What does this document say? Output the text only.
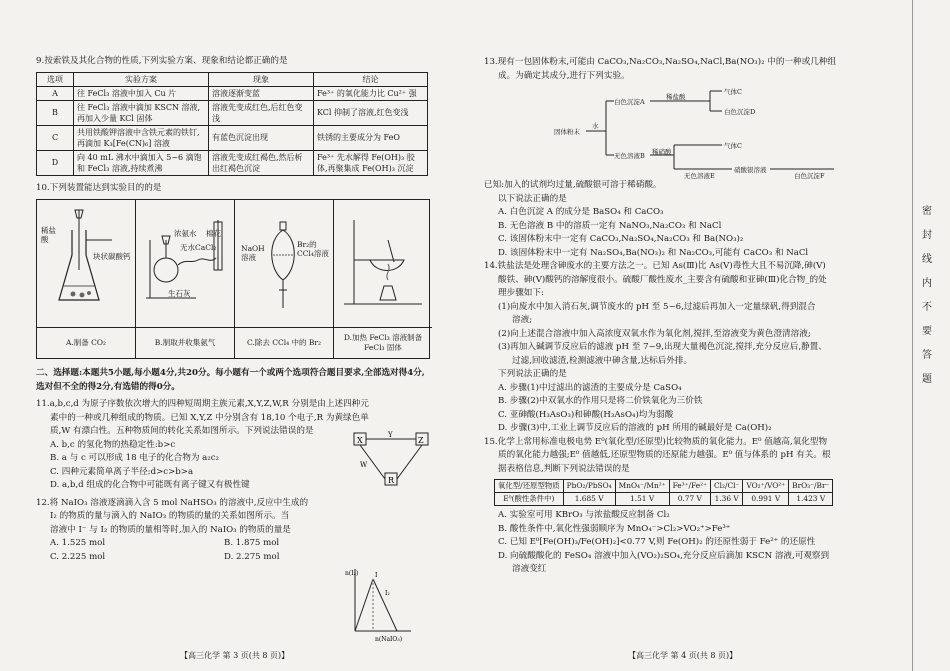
9.按索铁及其化合物的性质,下列实验方案、现象和结论都正确的是

选项	实验方案	现象	结论
A	往 FeCl₃ 溶液中加入 Cu 片	溶液逐渐变蓝	Fe³⁺ 的氧化能力比 Cu²⁺ 强
B	往 FeCl₃ 溶液中滴加 KSCN 溶液,再加入少量 KCl 固体	溶液先变成红色,后红色变浅	KCl 抑制了溶液,红色变浅
C	共用铁酸钾溶液中含铁元素的铁钉,再滴加 K₃[Fe(CN)₆] 溶液	有蓝色沉淀出现	铁锈的主要成分为 FeO
D	向 40 mL 沸水中滴加入 5~6 滴饱和 FeCl₃ 溶液,持续煮沸	溶液先变成红褐色,然后析出红褐色沉淀	Fe³⁺ 先水解得 Fe(OH)₃ 胶体,再聚集成 Fe(OH)₃ 沉淀

10.下列装置能达到实验目的的是

稀盐酸
块状碳酸钙
A.制备 CO₂
浓氨水 棉花
无水CaCl₂
生石灰
B.制取并收集氨气
NaOH溶液
Br₂的CCl₄溶液
C.除去 CCl₄ 中的 Br₂
D.加热 FeCl₃ 溶液制备 FeCl₃ 固体

二、选择题:本题共5小题,每小题4分,共20分。每小题有一个或两个选项符合题目要求,全部选对得4分,选对但不全的得2分,有选错的得0分。

11.a,b,c,d 为原子序数依次增大的四种短周期主族元素,X,Y,Z,W,R 分别是由上述四种元

素中的一种或几种组成的物质。已知 X,Y,Z 中分别含有 18,10 个电子,R 为黄绿色单

质,W 有漂白性。五种物质间的转化关系如图所示。下列说法错误的是

A. b,c 的氢化物的热稳定性:b>c

B. a 与 c 可以形成 18 电子的化合物为 a₂c₂

C. 四种元素简单离子半径:d>c>b>a

D. a,b,d 组成的化合物中可能既有离子键又有极性键

X	Z
R
Y
W

12.将 NaIO₃ 溶液逐滴滴入含 5 mol NaHSO₃ 的溶液中,反应中生成的

I₂ 的物质的量与滴入的 NaIO₃ 的物质的量的关系如图所示。当

溶液中 I⁻ 与 I₂ 的物质的量相等时,加入的 NaIO₃ 的物质的量是

A. 1.525 mol	B. 1.875 mol

C. 2.225 mol	D. 2.275 mol

n(I₂)
n(NaIO₃)
I
I₂
【高三化学 第 3 页(共 8 页)】

13.现有一包固体粉末,可能由 CaCO₃,Na₂CO₃,Na₂SO₄,NaCl,Ba(NO₃)₂ 中的一种或几种组

成。为确定其成分,进行下列实验。

固体粉末
水
白色沉淀A
稀盐酸
气体C
白色沉淀D
无色溶液B 稀硝酸
气体C
无色溶液E
硝酸银溶液
白色沉淀F

已知:加入的试剂均过量,硫酸银可溶于稀硝酸。

以下说法正确的是

A. 白色沉淀 A 的成分是 BaSO₄ 和 CaCO₃

B. 无色溶液 B 中的溶质一定有 NaNO₃,Na₂CO₃ 和 NaCl

C. 该固体粉末中一定有 CaCO₃,Na₂SO₄,Na₂CO₃ 和 Ba(NO₃)₂

D. 该固体粉末中一定有 Na₂SO₄,Ba(NO₃)₂ 和 Na₂CO₃,可能有 CaCO₃ 和 NaCl

14.铁盐法是处理含砷废水的主要方法之一。已知 As(Ⅲ)比 As(Ⅴ)毒性大且不易沉降,砷(Ⅴ)

酸铁、砷(Ⅴ)酸钙的溶解度很小。硫酸厂酸性废水_主要含有硫酸和亚砷(Ⅲ)化合物_的处

理步骤如下:

(1)向废水中加入消石灰,调节废水的 pH 至 5~6,过滤后再加入一定量绿矾,得到混合

溶液;

(2)向上述混合溶液中加入高浓度双氧水作为氧化剂,搅拌,至溶液变为黄色澄清溶液;

(3)再加入碱调节反应后的滤液 pH 至 7~9,出现大量褐色沉淀,搅拌,充分反应后,静置、

过滤,回收滤渣,检测滤液中砷含量,达标后外排。

下列说法正确的是

A. 步骤(1)中过滤出的滤渣的主要成分是 CaSO₄

B. 步骤(2)中双氧水的作用只是将二价铁氧化为三价铁

C. 亚砷酸(H₃AsO₃)和砷酸(H₃AsO₄)均为弱酸

D. 步骤(3)中,工业上调节反应后的溶液的 pH 所用的碱最好是 Ca(OH)₂

15.化学上常用标准电极电势 E⁰(氧化型/还原型)比较物质的氧化能力。E⁰ 值越高,氧化型物

质的氧化能力越强;E⁰ 值越低,还原型物质的还原能力越强。E⁰ 值与体系的 pH 有关。根

据表格信息,判断下列说法错误的是

氧化型/还原型物质	PbO₂/PbSO₄	MnO₄⁻/Mn²⁺	Fe³⁺/Fe²⁺	Cl₂/Cl⁻	VO₂⁺/VO²⁺	BrO₃⁻/Br⁻
E⁰(酸性条件中)	1.685 V	1.51 V	0.77 V	1.36 V	0.991 V	1.423 V

A. 实验室可用 KBrO₃ 与浓盐酸反应制备 Cl₂

B. 酸性条件中,氧化性强弱顺序为 MnO₄⁻>Cl₂>VO₂⁺>Fe³⁺

C. 已知 E⁰[Fe(OH)₃/Fe(OH)₂]<0.77 V,则 Fe(OH)₂ 的还原性弱于 Fe²⁺ 的还原性

D. 向硫酸酸化的 FeSO₄ 溶液中加入(VO₂)₂SO₄,充分反应后滴加 KSCN 溶液,可观察到

溶液变红

【高三化学 第 4 页(共 8 页)】
密
封
线
内
不
要
答
题
